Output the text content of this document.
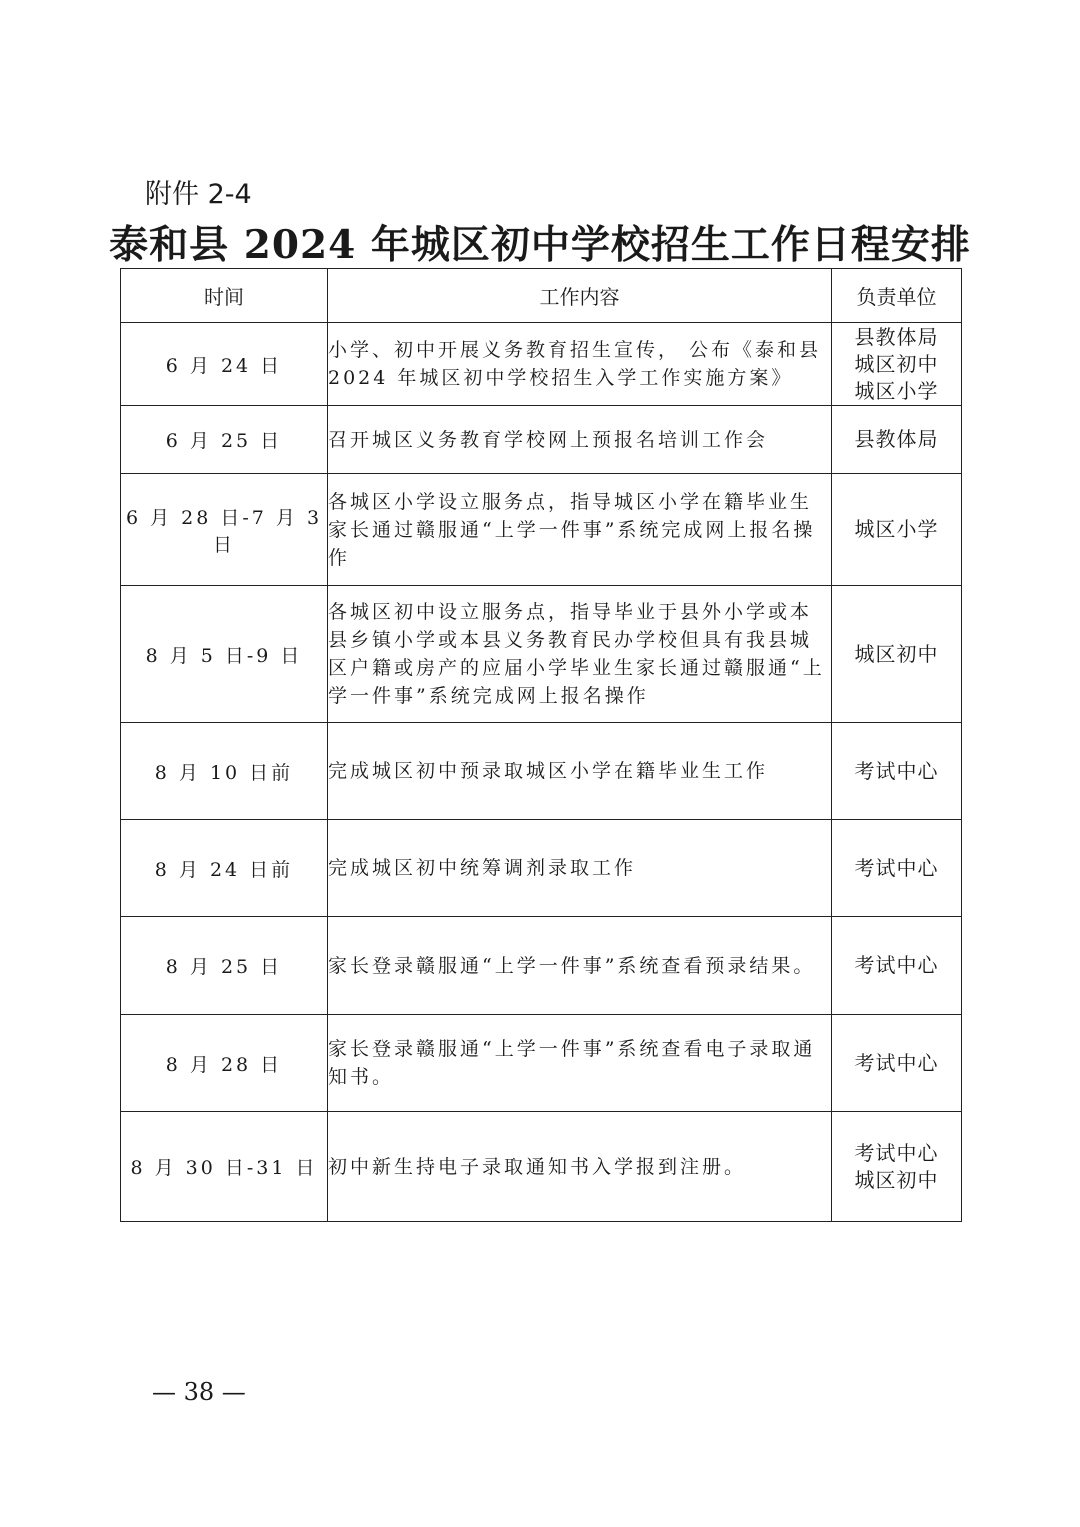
附件 2-4
泰和县 2024 年城区初中学校招生工作日程安排
时间	工作内容	负责单位
6 月 24 日	小学、初中开展义务教育招生宣传， 公布《泰和县 2024 年城区初中学校招生入学工作实施方案》	县教体局
城区初中
城区小学

6 月 25 日	召开城区义务教育学校网上预报名培训工作会	县教体局

6 月 28 日-7 月 3 日	各城区小学设立服务点，指导城区小学在籍毕业生家长通过赣服通“上学一件事”系统完成网上报名操作	城区小学

8 月 5 日-9 日	各城区初中设立服务点，指导毕业于县外小学或本县乡镇小学或本县义务教育民办学校但具有我县城区户籍或房产的应届小学毕业生家长通过赣服通“上学一件事”系统完成网上报名操作	城区初中

8 月 10 日前	完成城区初中预录取城区小学在籍毕业生工作	考试中心

8 月 24 日前	完成城区初中统筹调剂录取工作	考试中心

8 月 25 日	家长登录赣服通“上学一件事”系统查看预录结果。	考试中心

8 月 28 日	家长登录赣服通“上学一件事”系统查看电子录取通知书。	考试中心

8 月 30 日-31 日	初中新生持电子录取通知书入学报到注册。	考试中心
城区初中
— 38 —
